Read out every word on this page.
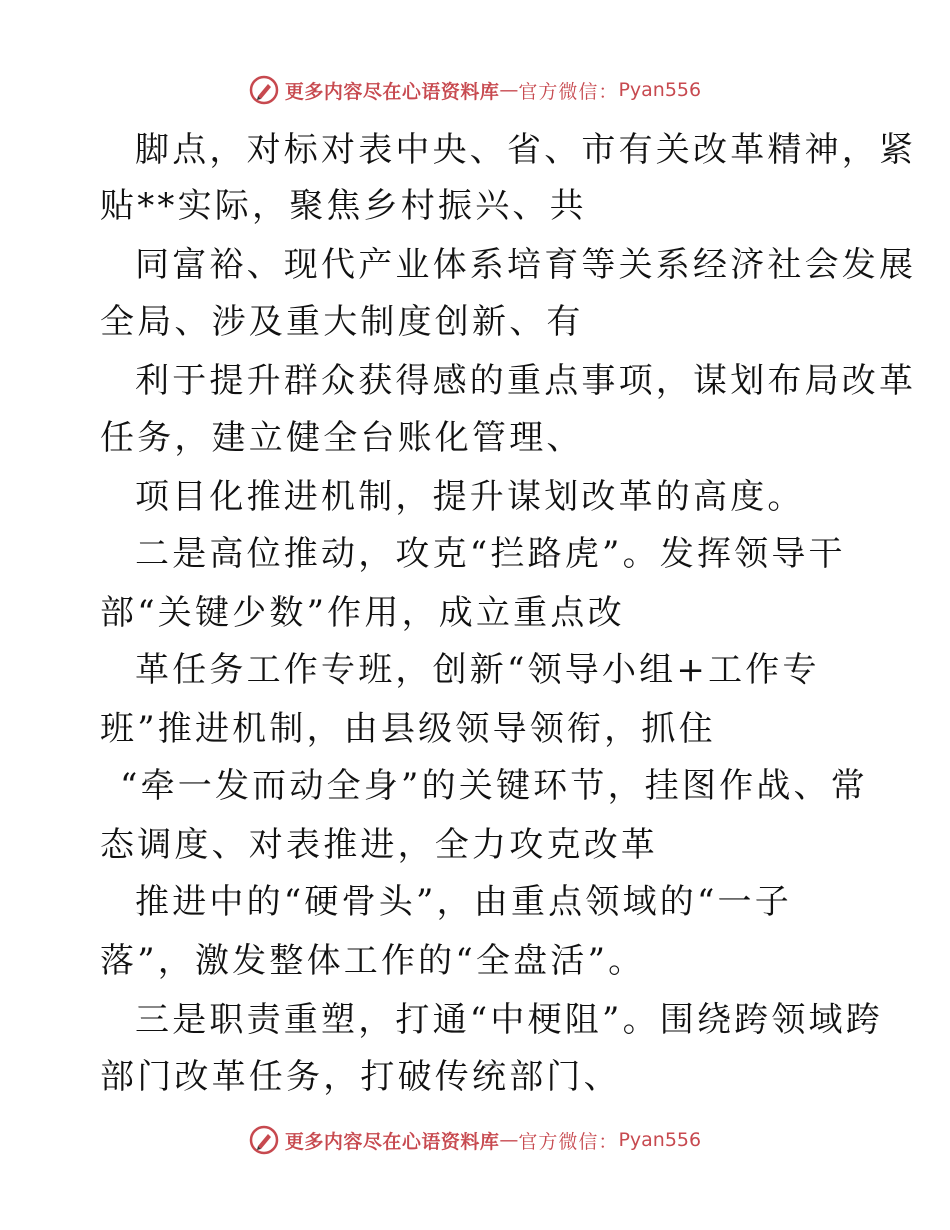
更多内容尽在心语资料库 — 官方微信： Pyan556
脚点，对标对表中央、省、市有关改革精神，紧
贴**实际，聚焦乡村振兴、共
同富裕、现代产业体系培育等关系经济社会发展
全局、涉及重大制度创新、有
利于提升群众获得感的重点事项，谋划布局改革
任务，建立健全台账化管理、
项目化推进机制，提升谋划改革的高度。
二是高位推动，攻克“拦路虎”。发挥领导干
部“关键少数”作用，成立重点改
革任务工作专班，创新“领导小组+工作专
班”推进机制，由县级领导领衔，抓住
“牵一发而动全身”的关键环节，挂图作战、常
态调度、对表推进，全力攻克改革
推进中的“硬骨头”，由重点领域的“一子
落”，激发整体工作的“全盘活”。
三是职责重塑，打通“中梗阻”。围绕跨领域跨
部门改革任务，打破传统部门、
更多内容尽在心语资料库 — 官方微信： Pyan556
